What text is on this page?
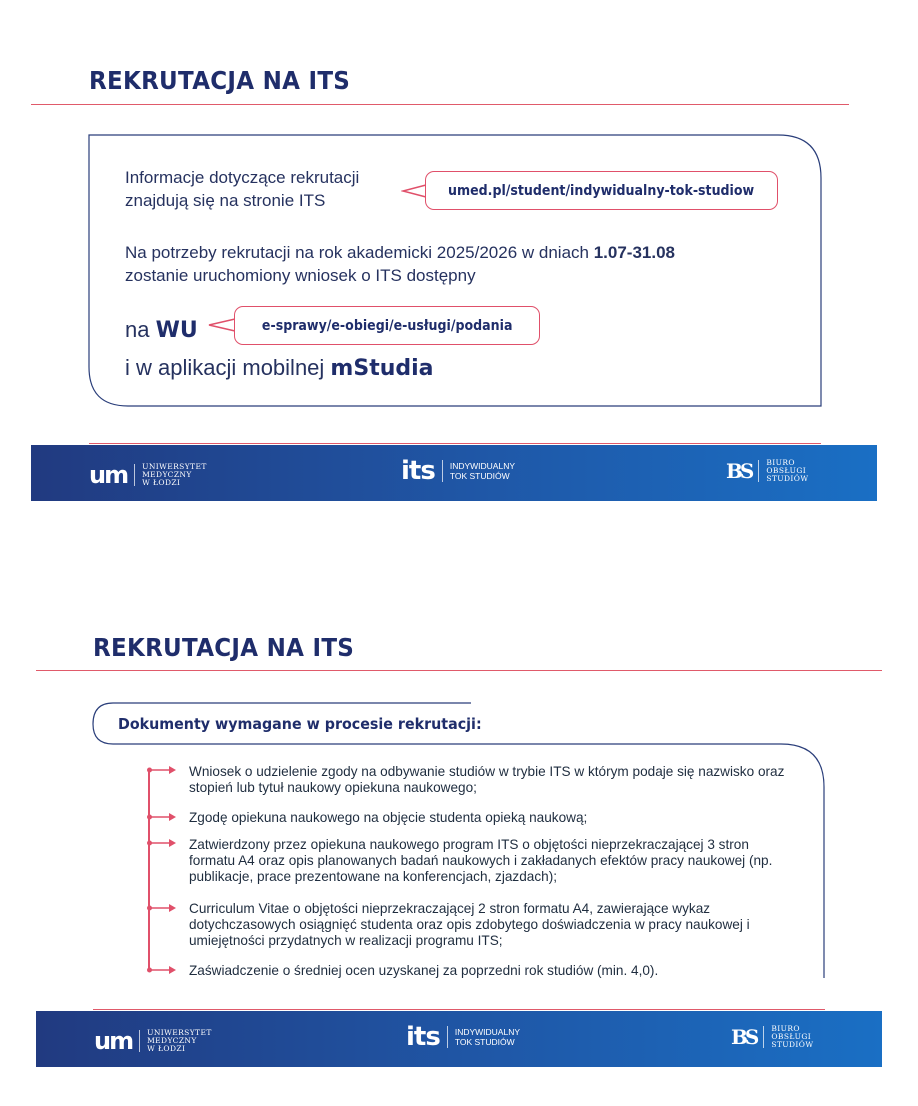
REKRUTACJA NA ITS
Informacje dotyczące rekrutacji
znajdują się na stronie ITS
umed.pl/student/indywidualny-tok-studiow
Na potrzeby rekrutacji na rok akademicki 2025/2026 w dniach 1.07-31.08
zostanie uruchomiony wniosek o ITS dostępny
na WU	e-sprawy/e-obiegi/e-usługi/podania
i w aplikacji mobilnej mStudia
um UNIWERSYTET
MEDYCZNY
W ŁODZI	its INDYWIDUALNY
TOK STUDIÓW	BS BIURO
OBSŁUGI
STUDIÓW
REKRUTACJA NA ITS
Dokumenty wymagane w procesie rekrutacji:
Wniosek o udzielenie zgody na odbywanie studiów w trybie ITS w którym podaje się nazwisko oraz stopień lub tytuł naukowy opiekuna naukowego;
Zgodę opiekuna naukowego na objęcie studenta opieką naukową;
Zatwierdzony przez opiekuna naukowego program ITS o objętości nieprzekraczającej 3 stron formatu A4 oraz opis planowanych badań naukowych i zakładanych efektów pracy naukowej (np. publikacje, prace prezentowane na konferencjach, zjazdach);
Curriculum Vitae o objętości nieprzekraczającej 2 stron formatu A4, zawierające wykaz dotychczasowych osiągnięć studenta oraz opis zdobytego doświadczenia w pracy naukowej i umiejętności przydatnych w realizacji programu ITS;
Zaświadczenie o średniej ocen uzyskanej za poprzedni rok studiów (min. 4,0).
um UNIWERSYTET
MEDYCZNY
W ŁODZI	its INDYWIDUALNY
TOK STUDIÓW	BS BIURO
OBSŁUGI
STUDIÓW
